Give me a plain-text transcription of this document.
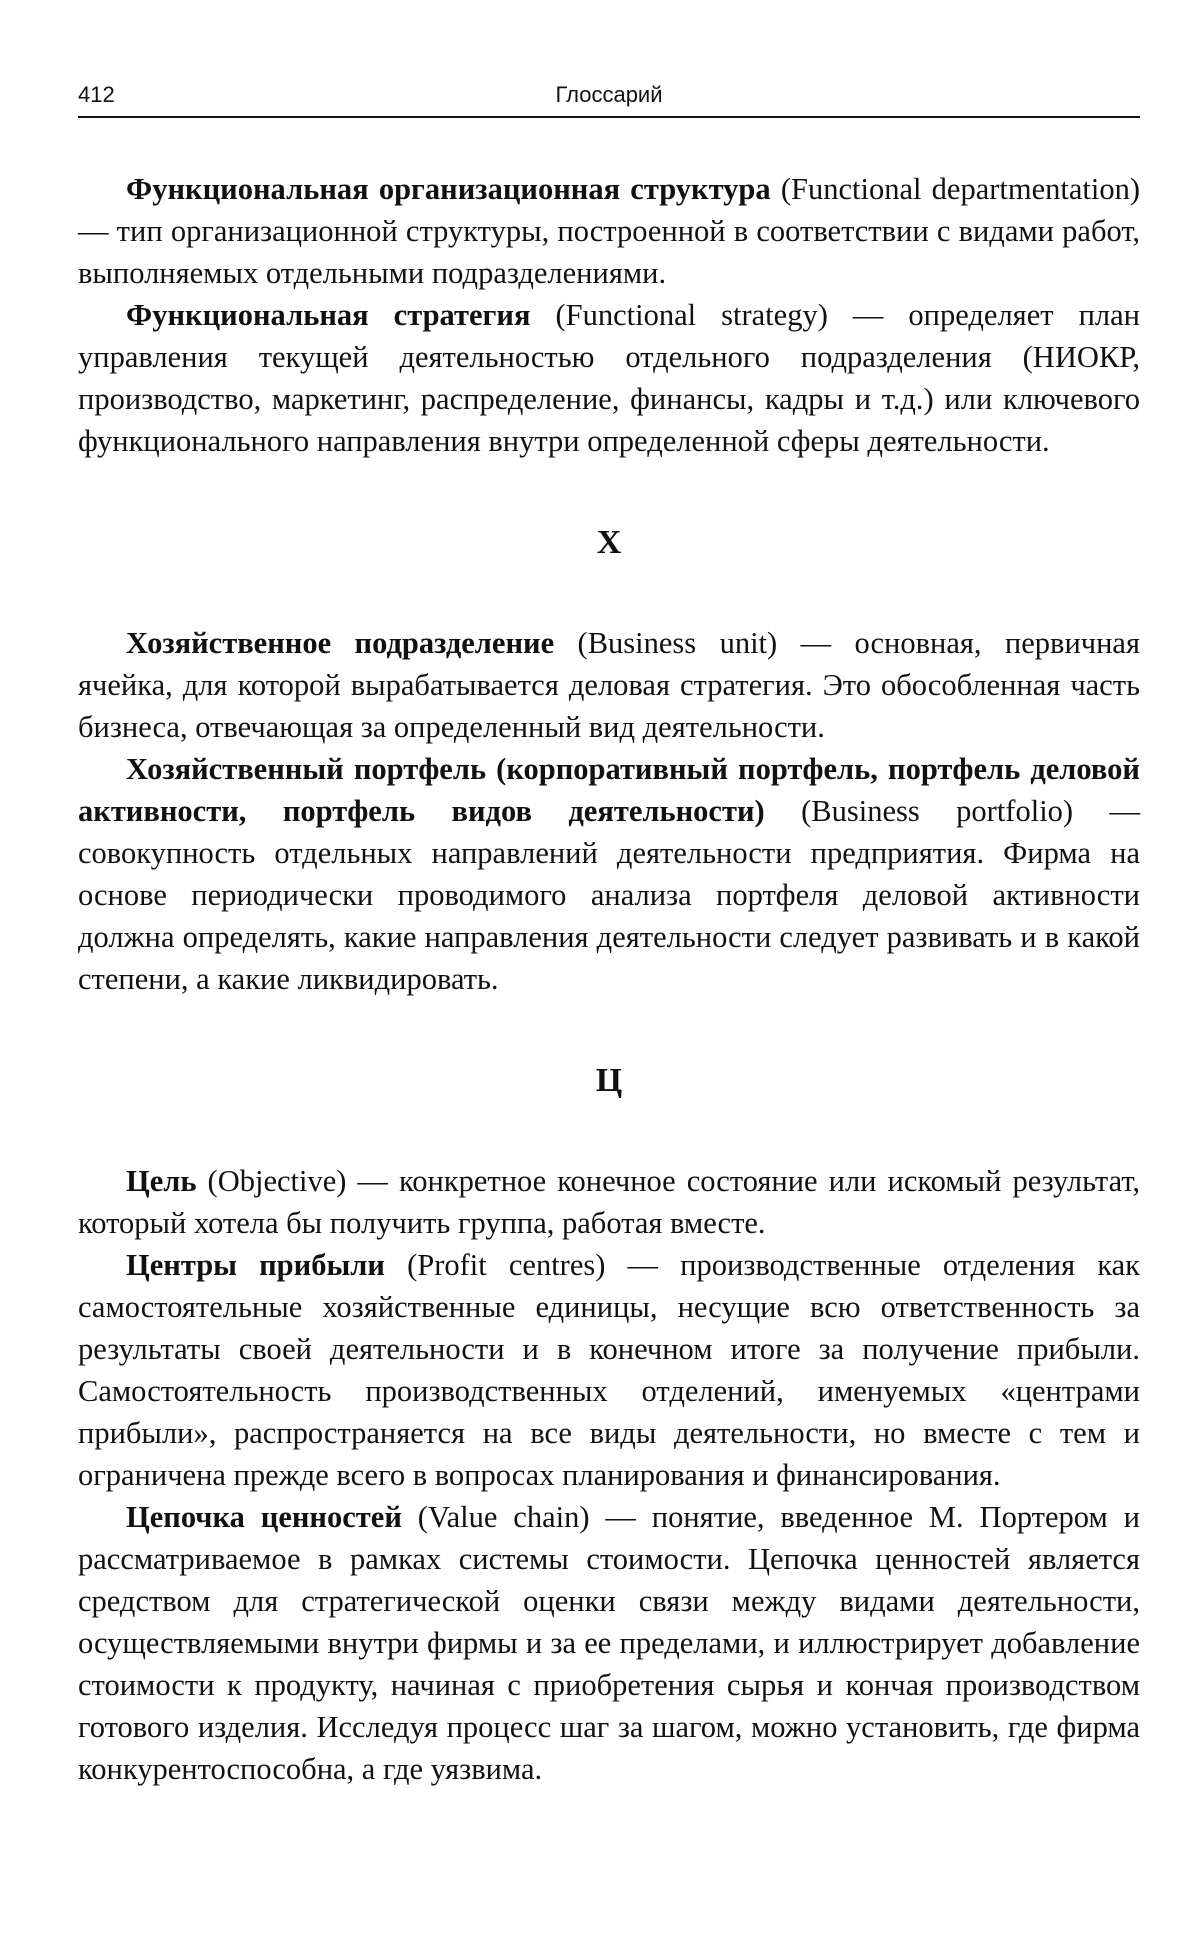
412	Глоссарий

Функциональная организационная структура (Functional departmentation) — тип организационной структуры, построенной в соответствии с видами работ, выполняемых отдельными подразделениями.

Функциональная стратегия (Functional strategy) — определяет план управления текущей деятельностью отдельного подразделения (НИОКР, производство, маркетинг, распределение, финансы, кадры и т.д.) или ключевого функционального направления внутри определенной сферы деятельности.

Х

Хозяйственное подразделение (Business unit) — основная, первичная ячейка, для которой вырабатывается деловая стратегия. Это обособленная часть бизнеса, отвечающая за определенный вид деятельности.

Хозяйственный портфель (корпоративный портфель, портфель деловой активности, портфель видов деятельности) (Business portfolio) — совокупность отдельных направлений деятельности предприятия. Фирма на основе периодически проводимого анализа портфеля деловой активности должна определять, какие направления деятельности следует развивать и в какой степени, а какие ликвидировать.

Ц

Цель (Objective) — конкретное конечное состояние или искомый результат, который хотела бы получить группа, работая вместе.

Центры прибыли (Profit centres) — производственные отделения как самостоятельные хозяйственные единицы, несущие всю ответственность за результаты своей деятельности и в конечном итоге за получение прибыли. Самостоятельность производственных отделений, именуемых «центрами прибыли», распространяется на все виды деятельности, но вместе с тем и ограничена прежде всего в вопросах планирования и финансирования.

Цепочка ценностей (Value chain) — понятие, введенное М. Портером и рассматриваемое в рамках системы стоимости. Цепочка ценностей является средством для стратегической оценки связи между видами деятельности, осуществляемыми внутри фирмы и за ее пределами, и иллюстрирует добавление стоимости к продукту, начиная с приобретения сырья и кончая производством готового изделия. Исследуя процесс шаг за шагом, можно установить, где фирма конкурентоспособна, а где уязвима.
